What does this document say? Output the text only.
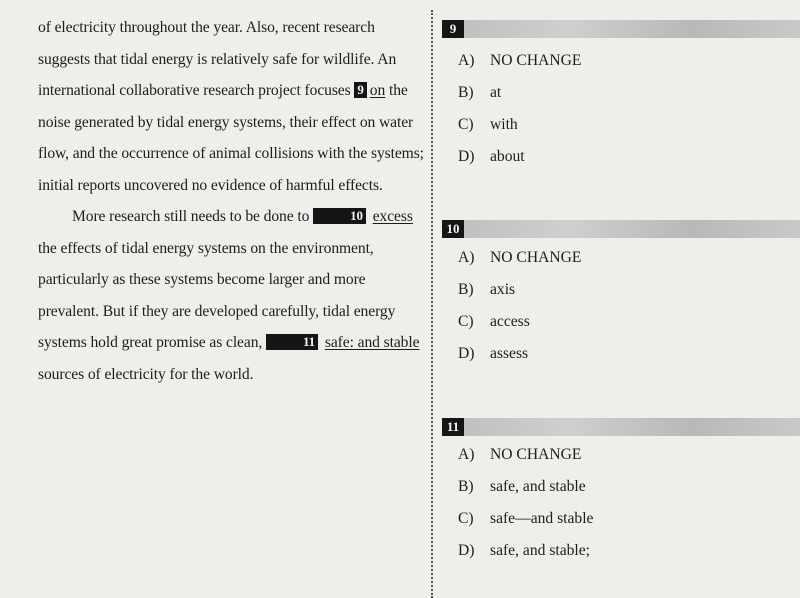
of electricity throughout the year. Also, recent research suggests that tidal energy is relatively safe for wildlife. An international collaborative research project focuses 9 on the noise generated by tidal energy systems, their effect on water flow, and the occurrence of animal collisions with the systems; initial reports uncovered no evidence of harmful effects.

More research still needs to be done to	10 excess the effects of tidal energy systems on the environment, particularly as these systems become larger and more prevalent. But if they are developed carefully, tidal energy systems hold great promise as clean,	11 safe: and stable sources of electricity for the world.

9
A) NO CHANGE
B)	at
C)	with
D) about
10
A) NO CHANGE
B)	axis
C)	access
D) assess
11
A) NO CHANGE
B)	safe, and stable
C)	safe—and stable
D) safe, and stable;
